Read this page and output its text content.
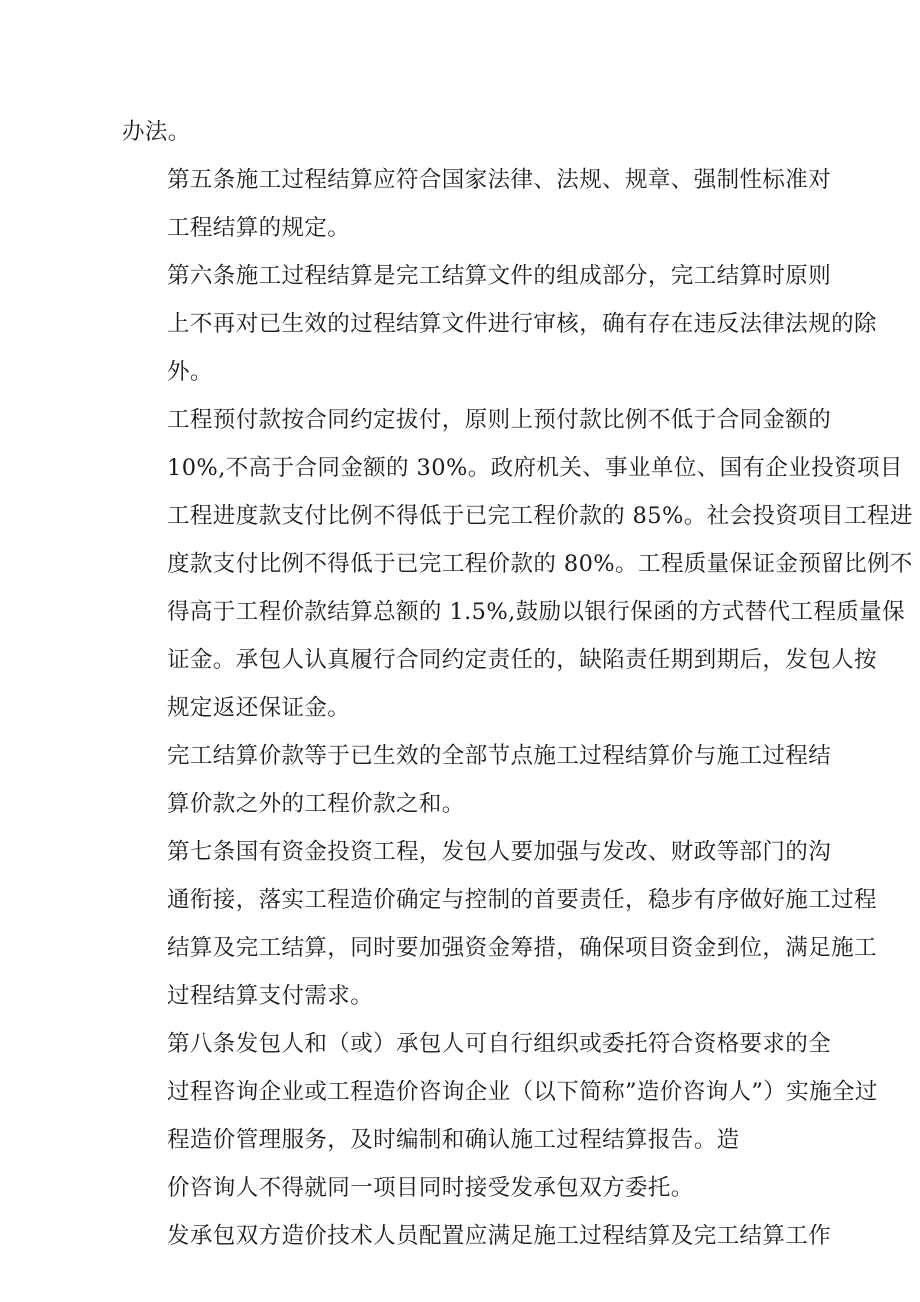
办法。

第五条施工过程结算应符合国家法律、法规、规章、强制性标准对
工程结算的规定。

第六条施工过程结算是完工结算文件的组成部分，完工结算时原则
上不再对已生效的过程结算文件进行审核，确有存在违反法律法规的除
外。

工程预付款按合同约定拔付，原则上预付款比例不低于合同金额的
10%,不高于合同金额的 30%。政府机关、事业单位、国有企业投资项目
工程进度款支付比例不得低于已完工程价款的 85%。社会投资项目工程进
度款支付比例不得低于已完工程价款的 80%。工程质量保证金预留比例不
得高于工程价款结算总额的 1.5%,鼓励以银行保函的方式替代工程质量保
证金。承包人认真履行合同约定责任的，缺陷责任期到期后，发包人按
规定返还保证金。

完工结算价款等于已生效的全部节点施工过程结算价与施工过程结
算价款之外的工程价款之和。

第七条国有资金投资工程，发包人要加强与发改、财政等部门的沟
通衔接，落实工程造价确定与控制的首要责任，稳步有序做好施工过程
结算及完工结算，同时要加强资金筹措，确保项目资金到位，满足施工
过程结算支付需求。

第八条发包人和（或）承包人可自行组织或委托符合资格要求的全
过程咨询企业或工程造价咨询企业（以下简称”造价咨询人”）实施全过
程造价管理服务，及时编制和确认施工过程结算报告。造
价咨询人不得就同一项目同时接受发承包双方委托。

发承包双方造价技术人员配置应满足施工过程结算及完工结算工作
